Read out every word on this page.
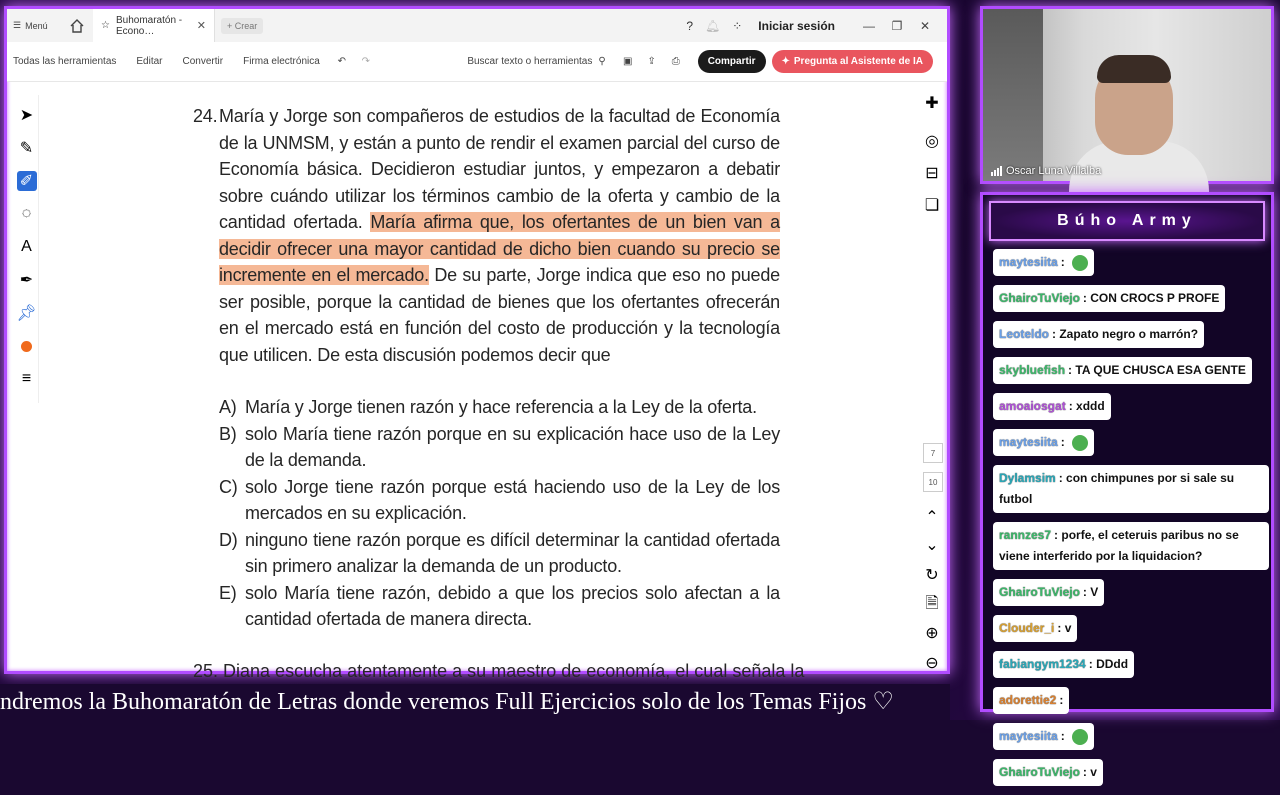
☰ Menú	☆ Buhomaratón - Econo…	✕	+ Crear	? 🔔︎ ⁘ Iniciar sesión — ❐ ✕
Todas las herramientas Editar Convertir Firma electrónica	↶	↷	Buscar texto o herramientas ⚲	▣	⇪	⎙	Compartir	✦ Pregunta al Asistente de IA
➤
✎
✐
◌
A
✒
📌︎
≡
✚
◎
⊟
❏
7
10
⌃
⌄
↻
🗎︎
⊕
⊖
24. María y Jorge son compañeros de estudios de la facultad de Economía de la UNMSM, y están a punto de rendir el examen parcial del curso de Economía básica. Decidieron estudiar juntos, y empezaron a debatir sobre cuándo utilizar los términos cambio de la oferta y cambio de la cantidad ofertada. María afirma que, los ofertantes de un bien van a decidir ofrecer una mayor cantidad de dicho bien cuando su precio se incremente en el mercado. De su parte, Jorge indica que eso no puede ser posible, porque la cantidad de bienes que los ofertantes ofrecerán en el mercado está en función del costo de producción y la tecnología que utilicen. De esta discusión podemos decir que
A) María y Jorge tienen razón y hace referencia a la Ley de la oferta.
B) solo María tiene razón porque en su explicación hace uso de la Ley de la demanda.
C) solo Jorge tiene razón porque está haciendo uso de la Ley de los mercados en su explicación.
D) ninguno tiene razón porque es difícil determinar la cantidad ofertada sin primero analizar la demanda de un producto.
E) solo María tiene razón, debido a que los precios solo afectan a la cantidad ofertada de manera directa.
25. Diana escucha atentamente a su maestro de economía, el cual señala la
Oscar Luna Villalba
Búho Army
maytesiita :
GhairoTuViejo : CON CROCS P PROFE
Leoteldo : Zapato negro o marrón?
skybluefish : TA QUE CHUSCA ESA GENTE
amoaiosgat : xddd
maytesiita :
Dylamsim : con chimpunes por si sale su futbol
rannzes7 : porfe, el ceteruis paribus no se viene interferido por la liquidacion?
GhairoTuViejo : V
Clouder_i : v
fabiangym1234 : DDdd
adorettie2 :
maytesiita :
GhairoTuViejo : v
ndremos la Buhomaratón de Letras donde veremos Full Ejercicios solo de los Temas Fijos ♡
